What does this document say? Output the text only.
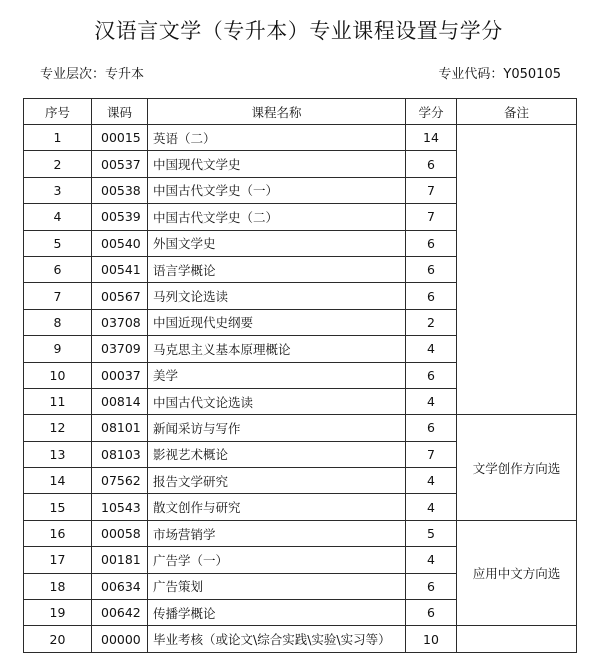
汉语言文学（专升本）专业课程设置与学分
专业层次：专升本	专业代码：Y050105
序号	课码	课程名称	学分	备注
1	00015	英语（二）	14	
2	00537	中国现代文学史	6	
3	00538	中国古代文学史（一）	7	
4	00539	中国古代文学史（二）	7	
5	00540	外国文学史	6	
6	00541	语言学概论	6	
7	00567	马列文论选读	6	
8	03708	中国近现代史纲要	2	
9	03709	马克思主义基本原理概论	4	
10	00037	美学	6	
11	00814	中国古代文论选读	4	
12	08101	新闻采访与写作	6	文学创作方向选
13	08103	影视艺术概论	7	
14	07562	报告文学研究	4	
15	10543	散文创作与研究	4	
16	00058	市场营销学	5	应用中文方向选
17	00181	广告学（一）	4	
18	00634	广告策划	6	
19	00642	传播学概论	6	
20	00000	毕业考核（或论文\综合实践\实验\实习等）	10	
